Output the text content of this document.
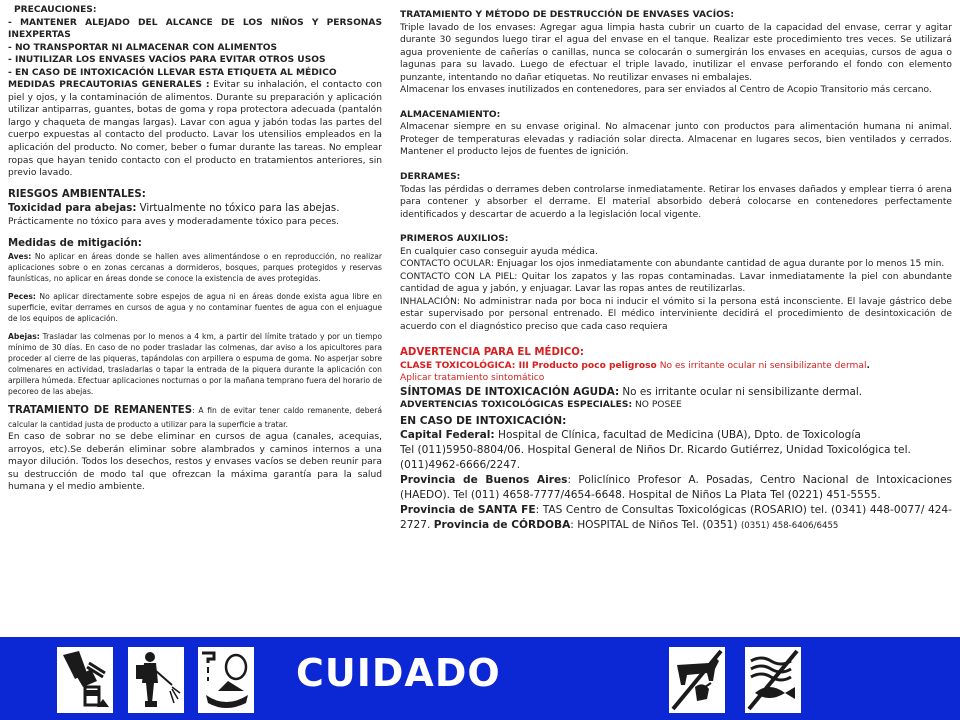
PRECAUCIONES:

- MANTENER ALEJADO DEL ALCANCE DE LOS NIÑOS Y PERSONAS INEXPERTAS

- NO TRANSPORTAR NI ALMACENAR CON ALIMENTOS

- INUTILIZAR LOS ENVASES VACÍOS PARA EVITAR OTROS USOS

- EN CASO DE INTOXICACIÓN LLEVAR ESTA ETIQUETA AL MÉDICO

MEDIDAS PRECAUTORIAS GENERALES : Evitar su inhalación, el contacto con piel y ojos, y la contaminación de alimentos. Durante su preparación y aplicación utilizar antiparras, guantes, botas de goma y ropa protectora adecuada (pantalón largo y chaqueta de mangas largas). Lavar con agua y jabón todas las partes del cuerpo expuestas al contacto del producto. Lavar los utensilios empleados en la aplicación del producto. No comer, beber o fumar durante las tareas. No emplear ropas que hayan tenido contacto con el producto en tratamientos anteriores, sin previo lavado.

RIESGOS AMBIENTALES:

Toxicidad para abejas: Virtualmente no tóxico para las abejas.

Prácticamente no tóxico para aves y moderadamente tóxico para peces.

Medidas de mitigación:

Aves: No aplicar en áreas donde se hallen aves alimentándose o en reproducción, no realizar aplicaciones sobre o en zonas cercanas a dormideros, bosques, parques protegidos y reservas faunísticas, no aplicar en áreas donde se conoce la existencia de aves protegidas.

Peces: No aplicar directamente sobre espejos de agua ni en áreas donde exista agua libre en superficie, evitar derrames en cursos de agua y no contaminar fuentes de agua con el enjuague de los equipos de aplicación.

Abejas: Trasladar las colmenas por lo menos a 4 km, a partir del límite tratado y por un tiempo mínimo de 30 días. En caso de no poder trasladar las colmenas, dar aviso a los apicultores para proceder al cierre de las piqueras, tapándolas con arpillera o espuma de goma. No asperjar sobre colmenares en actividad, trasladarlas o tapar la entrada de la piquera durante la aplicación con arpillera húmeda. Efectuar aplicaciones nocturnas o por la mañana temprano fuera del horario de pecoreo de las abejas.

TRATAMIENTO DE REMANENTES: A fin de evitar tener caldo remanente, deberá calcular la cantidad justa de producto a utilizar para la superficie a tratar.

En caso de sobrar no se debe eliminar en cursos de agua (canales, acequias, arroyos, etc).Se deberán eliminar sobre alambrados y caminos internos a una mayor dilución. Todos los desechos, restos y envases vacíos se deben reunir para su destrucción de modo tal que ofrezcan la máxima garantía para la salud humana y el medio ambiente.

TRATAMIENTO Y MÉTODO DE DESTRUCCIÓN DE ENVASES VACÍOS:

Triple lavado de los envases: Agregar agua limpia hasta cubrir un cuarto de la capacidad del envase, cerrar y agitar durante 30 segundos luego tirar el agua del envase en el tanque. Realizar este procedimiento tres veces. Se utilizará agua proveniente de cañerías o canillas, nunca se colocarán o sumergirán los envases en acequias, cursos de agua o lagunas para su lavado. Luego de efectuar el triple lavado, inutilizar el envase perforando el fondo con elemento punzante, intentando no dañar etiquetas. No reutilizar envases ni embalajes.

Almacenar los envases inutilizados en contenedores, para ser enviados al Centro de Acopio Transitorio más cercano.

ALMACENAMIENTO:

Almacenar siempre en su envase original. No almacenar junto con productos para alimentación humana ni animal. Proteger de temperaturas elevadas y radiación solar directa. Almacenar en lugares secos, bien ventilados y cerrados. Mantener el producto lejos de fuentes de ignición.

DERRAMES:

Todas las pérdidas o derrames deben controlarse inmediatamente. Retirar los envases dañados y emplear tierra ó arena para contener y absorber el derrame. El material absorbido deberá colocarse en contenedores perfectamente identificados y descartar de acuerdo a la legislación local vigente.

PRIMEROS AUXILIOS:

En cualquier caso conseguir ayuda médica.

CONTACTO OCULAR: Enjuagar los ojos inmediatamente con abundante cantidad de agua durante por lo menos 15 min.

CONTACTO CON LA PIEL: Quitar los zapatos y las ropas contaminadas. Lavar inmediatamente la piel con abundante cantidad de agua y jabón, y enjuagar. Lavar las ropas antes de reutilizarlas.

INHALACIÓN: No administrar nada por boca ni inducir el vómito si la persona está inconsciente. El lavaje gástrico debe estar supervisado por personal entrenado. El médico interviniente decidirá el procedimiento de desintoxicación de acuerdo con el diagnóstico preciso que cada caso requiera

ADVERTENCIA PARA EL MÉDICO:

CLASE TOXICOLÓGICA: III Producto poco peligroso No es irritante ocular ni sensibilizante dermal.

Aplicar tratamiento sintomático

SÍNTOMAS DE INTOXICACIÓN AGUDA: No es irritante ocular ni sensibilizante dermal.

ADVERTENCIAS TOXICOLÓGICAS ESPECIALES: NO POSEE

EN CASO DE INTOXICACIÓN:

Capital Federal: Hospital de Clínica, facultad de Medicina (UBA), Dpto. de Toxicología

Tel (011)5950-8804/06. Hospital General de Niños Dr. Ricardo Gutiérrez, Unidad Toxicológica tel. (011)4962-6666/2247.

Provincia de Buenos Aires: Policlínico Profesor A. Posadas, Centro Nacional de Intoxicaciones (HAEDO). Tel (011) 4658-7777/4654-6648. Hospital de Niños La Plata Tel (0221) 451-5555.

Provincia de SANTA FE: TAS Centro de Consultas Toxicológicas (ROSARIO) tel. (0341) 448-0077/ 424-2727. Provincia de CÓRDOBA: HOSPITAL de Niños Tel. (0351) (0351) 458-6406/6455

CUIDADO
